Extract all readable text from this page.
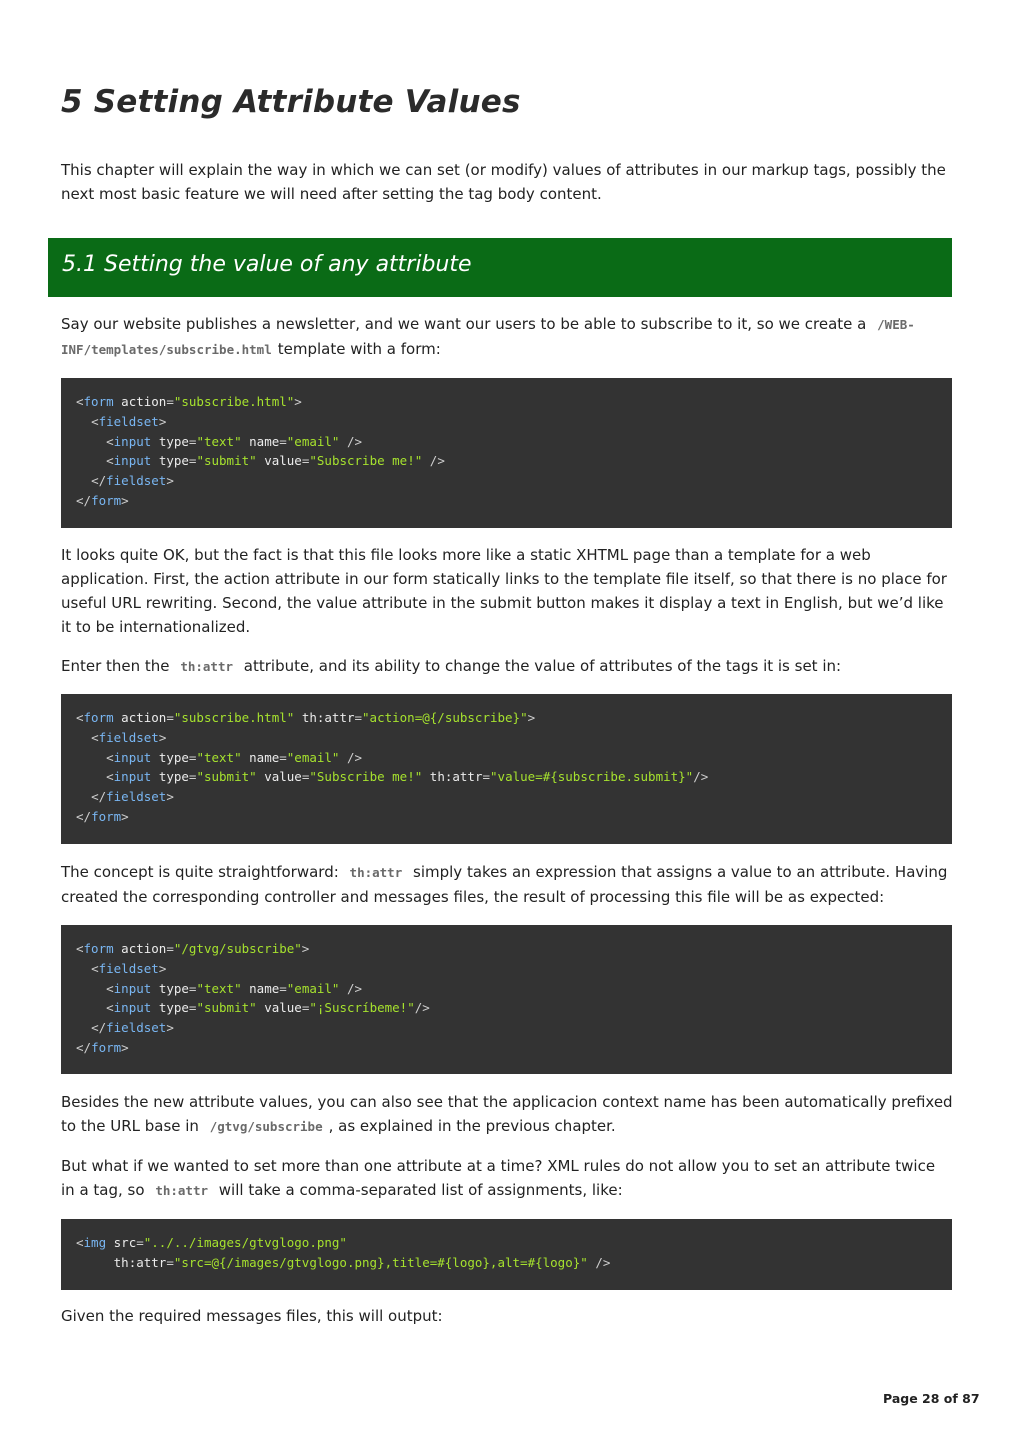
5 Setting Attribute Values

This chapter will explain the way in which we can set (or modify) values of attributes in our markup tags, possibly the next most basic feature we will need after setting the tag body content.

5.1 Setting the value of any attribute

Say our website publishes a newsletter, and we want our users to be able to subscribe to it, so we create a /WEB-INF/templates/subscribe.html template with a form:

<form action="subscribe.html">
<fieldset>
<input type="text" name="email" />
<input type="submit" value="Subscribe me!" />
</fieldset>
</form>

It looks quite OK, but the fact is that this file looks more like a static XHTML page than a template for a web application. First, the action attribute in our form statically links to the template file itself, so that there is no place for useful URL rewriting. Second, the value attribute in the submit button makes it display a text in English, but we’d like it to be internationalized.

Enter then the th:attr attribute, and its ability to change the value of attributes of the tags it is set in:

<form action="subscribe.html" th:attr="action=@{/subscribe}">
<fieldset>
<input type="text" name="email" />
<input type="submit" value="Subscribe me!" th:attr="value=#{subscribe.submit}"/>
</fieldset>
</form>

The concept is quite straightforward: th:attr simply takes an expression that assigns a value to an attribute. Having created the corresponding controller and messages files, the result of processing this file will be as expected:

<form action="/gtvg/subscribe">
<fieldset>
<input type="text" name="email" />
<input type="submit" value="¡Suscríbeme!"/>
</fieldset>
</form>

Besides the new attribute values, you can also see that the applicacion context name has been automatically prefixed to the URL base in /gtvg/subscribe , as explained in the previous chapter.

But what if we wanted to set more than one attribute at a time? XML rules do not allow you to set an attribute twice in a tag, so th:attr will take a comma-separated list of assignments, like:

<img src="../../images/gtvglogo.png"
th:attr="src=@{/images/gtvglogo.png},title=#{logo},alt=#{logo}" />

Given the required messages files, this will output:

Page 28 of 87
